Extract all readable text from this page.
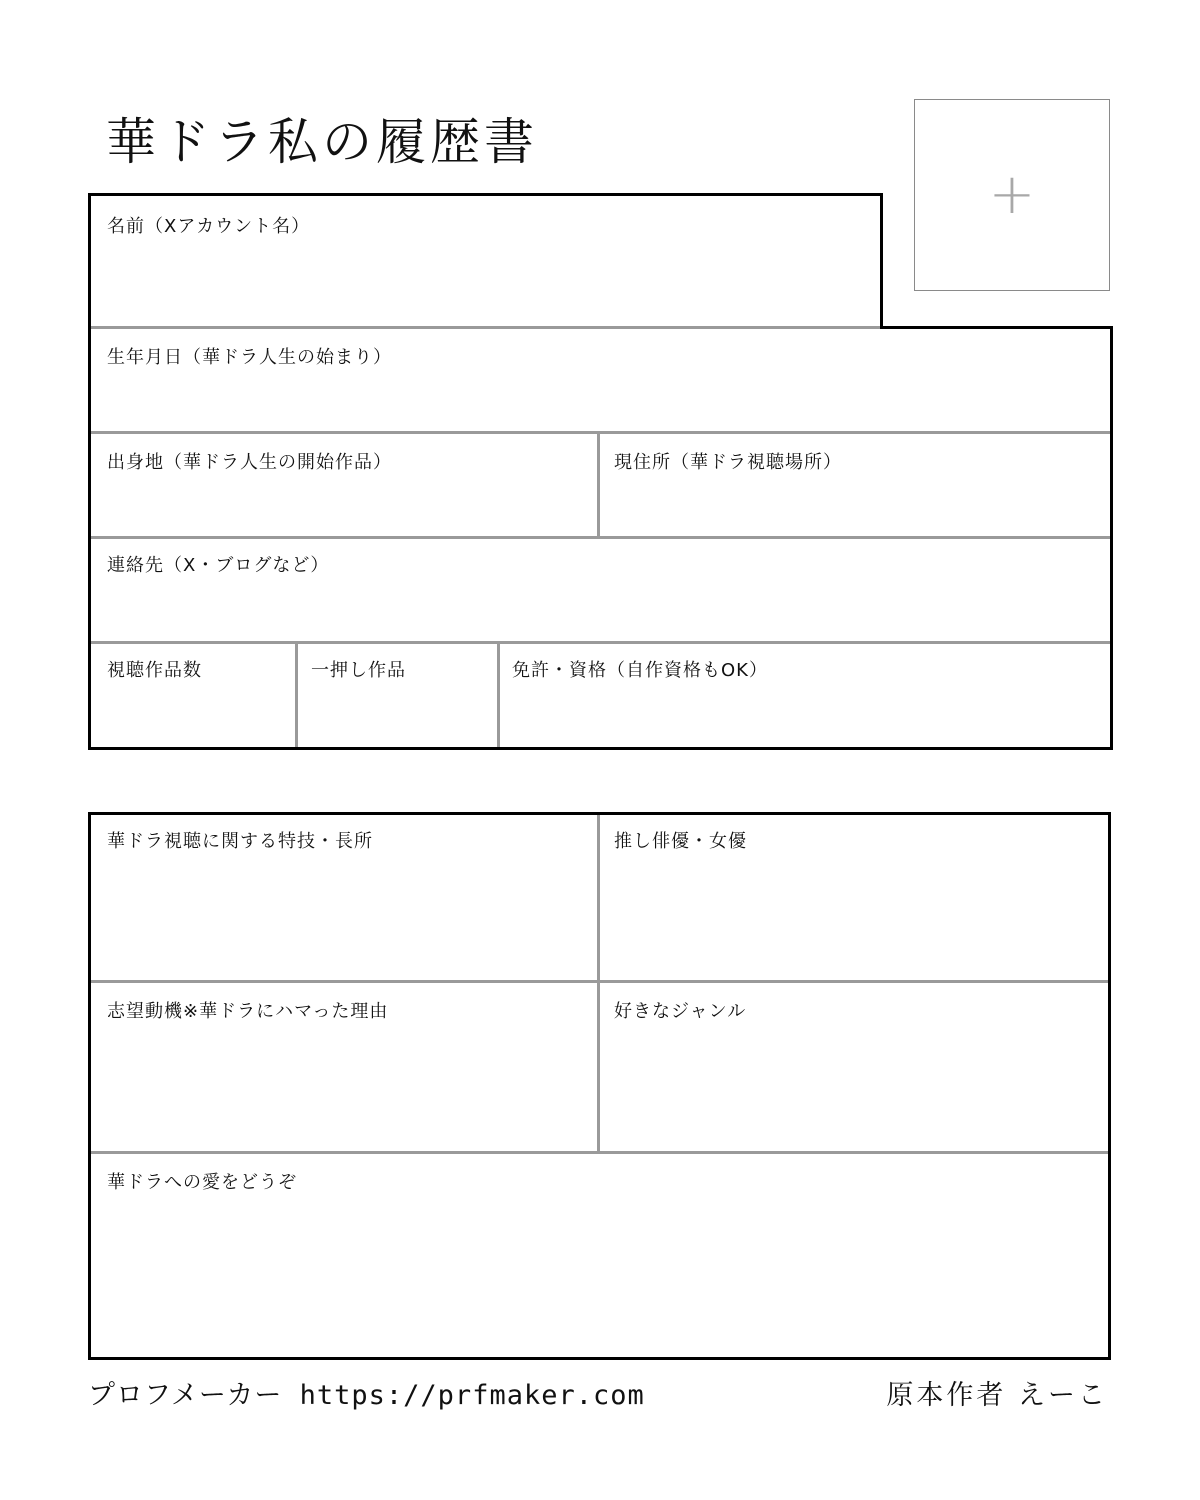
華ドラ私の履歴書
+
名前（Xアカウント名）
生年月日（華ドラ人生の始まり）
出身地（華ドラ人生の開始作品）	現住所（華ドラ視聴場所）
連絡先（X・ブログなど）
視聴作品数	一押し作品	免許・資格（自作資格もOK）
華ドラ視聴に関する特技・長所	推し俳優・女優
志望動機※華ドラにハマった理由	好きなジャンル
華ドラへの愛をどうぞ
プロフメーカー https://prfmaker.com	原本作者 えーこ
